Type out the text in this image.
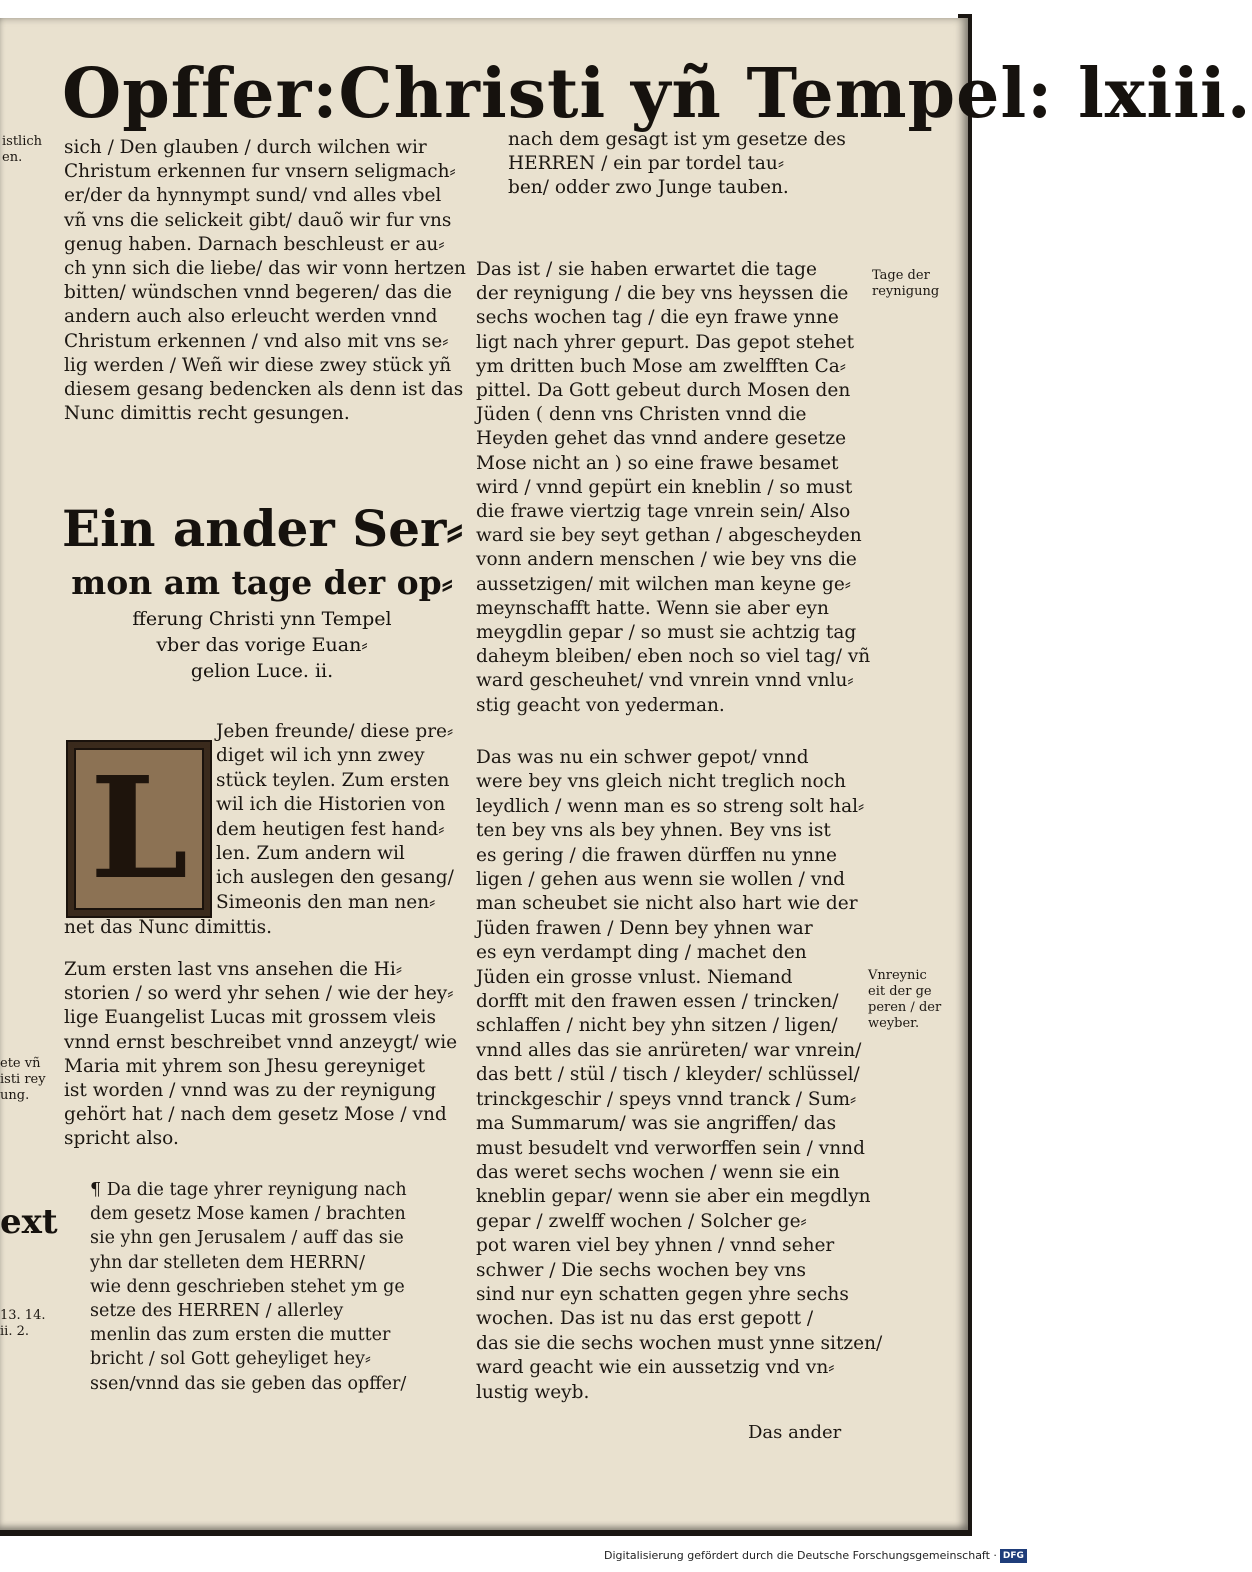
Opffer:Christi yñ Tempel: lxiii.
sich / Den glauben / durch wilchen wir
Christum erkennen fur vnsern seligmach⸗
er/der da hynnympt sund/ vnd alles vbel
vñ vns die selickeit gibt/ dauõ wir fur vns
genug haben. Darnach beschleust er au⸗
ch ynn sich die liebe/ das wir vonn hertzen
bitten/ wündschen vnnd begeren/ das die
andern auch also erleucht werden vnnd
Christum erkennen / vnd also mit vns se⸗
lig werden / Weñ wir diese zwey stück yñ
diesem gesang bedencken als denn ist das
Nunc dimittis recht gesungen.
Ein ander Ser⸗
mon am tage der op⸗
fferung Christi ynn Tempel
vber das vorige Euan⸗
gelion Luce. ii.
L
Jeben freunde/ diese pre⸗
diget wil ich ynn zwey
stück teylen. Zum ersten
wil ich die Historien von
dem heutigen fest hand⸗
len. Zum andern wil
ich auslegen den gesang/
Simeonis den man nen⸗
net das Nunc dimittis.
Zum ersten last vns ansehen die Hi⸗
storien / so werd yhr sehen / wie der hey⸗
lige Euangelist Lucas mit grossem vleis
vnnd ernst beschreibet vnnd anzeygt/ wie
Maria mit yhrem son Jhesu gereyniget
ist worden / vnnd was zu der reynigung
gehört hat / nach dem gesetz Mose / vnd
spricht also.
ext
¶ Da die tage yhrer reynigung nach
dem gesetz Mose kamen / brachten
sie yhn gen Jerusalem / auff das sie
yhn dar stelleten dem HERRN/
wie denn geschrieben stehet ym ge
setze des HERREN / allerley
menlin das zum ersten die mutter
bricht / sol Gott geheyliget hey⸗
ssen/vnnd das sie geben das opffer/
nach dem gesagt ist ym gesetze des
HERREN / ein par tordel tau⸗
ben/ odder zwo Junge tauben.
Das ist / sie haben erwartet die tage
der reynigung / die bey vns heyssen die
sechs wochen tag / die eyn frawe ynne
ligt nach yhrer gepurt. Das gepot stehet
ym dritten buch Mose am zwelfften Ca⸗
pittel. Da Gott gebeut durch Mosen den
Jüden ( denn vns Christen vnnd die
Heyden gehet das vnnd andere gesetze
Mose nicht an ) so eine frawe besamet
wird / vnnd gepürt ein kneblin / so must
die frawe viertzig tage vnrein sein/ Also
ward sie bey seyt gethan / abgescheyden
vonn andern menschen / wie bey vns die
aussetzigen/ mit wilchen man keyne ge⸗
meynschafft hatte. Wenn sie aber eyn
meygdlin gepar / so must sie achtzig tag
daheym bleiben/ eben noch so viel tag/ vñ
ward gescheuhet/ vnd vnrein vnnd vnlu⸗
stig geacht von yederman.
Das was nu ein schwer gepot/ vnnd
were bey vns gleich nicht treglich noch
leydlich / wenn man es so streng solt hal⸗
ten bey vns als bey yhnen. Bey vns ist
es gering / die frawen dürffen nu ynne
ligen / gehen aus wenn sie wollen / vnd
man scheubet sie nicht also hart wie der
Jüden frawen / Denn bey yhnen war
es eyn verdampt ding / machet den
Jüden ein grosse vnlust. Niemand
dorfft mit den frawen essen / trincken/
schlaffen / nicht bey yhn sitzen / ligen/
vnnd alles das sie anrüreten/ war vnrein/
das bett / stül / tisch / kleyder/ schlüssel/
trinckgeschir / speys vnnd tranck / Sum⸗
ma Summarum/ was sie angriffen/ das
must besudelt vnd verworffen sein / vnnd
das weret sechs wochen / wenn sie ein
kneblin gepar/ wenn sie aber ein megdlyn
gepar / zwelff wochen / Solcher ge⸗
pot waren viel bey yhnen / vnnd seher
schwer / Die sechs wochen bey vns
sind nur eyn schatten gegen yhre sechs
wochen. Das ist nu das erst gepott /
das sie die sechs wochen must ynne sitzen/
ward geacht wie ein aussetzig vnd vn⸗
lustig weyb.
Das ander
istlich
en.
Tage der
reynigung
Vnreynic
eit der ge
peren / der
weyber.
ete vñ
isti rey
ung.
13. 14.
ii. 2.
Digitalisierung gefördert durch die Deutsche Forschungsgemeinschaft · DFG
